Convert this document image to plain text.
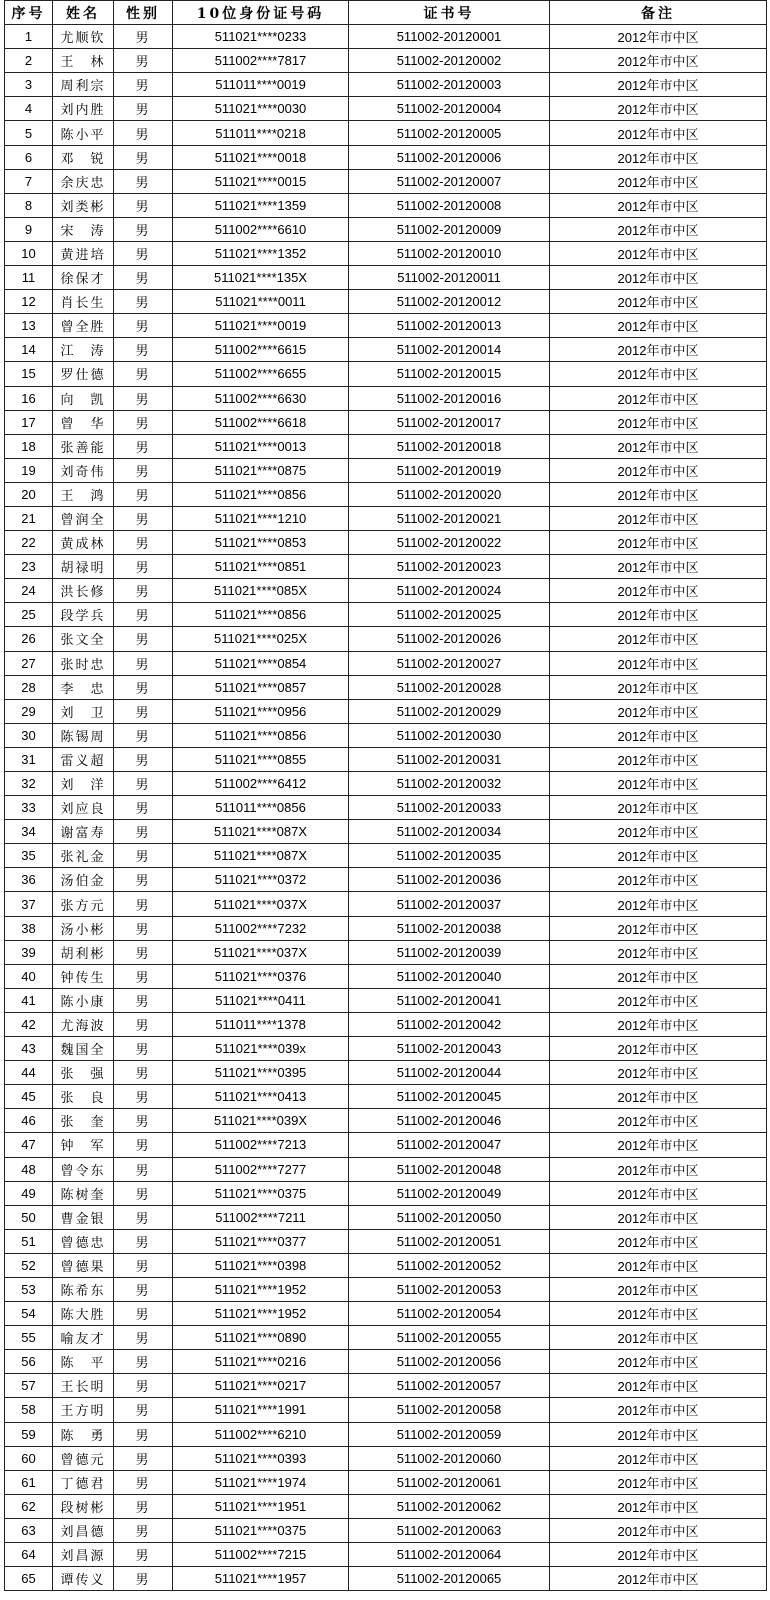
序号	姓名	性别	10位身份证号码	证书号	备注
1	尤顺钦	男	511021****0233	511002-20120001	2012年市中区
2	王　林	男	511002****7817	511002-20120002	2012年市中区
3	周利宗	男	511011****0019	511002-20120003	2012年市中区
4	刘内胜	男	511021****0030	511002-20120004	2012年市中区
5	陈小平	男	511011****0218	511002-20120005	2012年市中区
6	邓　锐	男	511021****0018	511002-20120006	2012年市中区
7	余庆忠	男	511021****0015	511002-20120007	2012年市中区
8	刘类彬	男	511021****1359	511002-20120008	2012年市中区
9	宋　涛	男	511002****6610	511002-20120009	2012年市中区
10	黄进培	男	511021****1352	511002-20120010	2012年市中区
11	徐保才	男	511021****135X	511002-20120011	2012年市中区
12	肖长生	男	511021****0011	511002-20120012	2012年市中区
13	曾全胜	男	511021****0019	511002-20120013	2012年市中区
14	江　涛	男	511002****6615	511002-20120014	2012年市中区
15	罗仕德	男	511002****6655	511002-20120015	2012年市中区
16	向　凯	男	511002****6630	511002-20120016	2012年市中区
17	曾　华	男	511002****6618	511002-20120017	2012年市中区
18	张善能	男	511021****0013	511002-20120018	2012年市中区
19	刘奇伟	男	511021****0875	511002-20120019	2012年市中区
20	王　鸿	男	511021****0856	511002-20120020	2012年市中区
21	曾润全	男	511021****1210	511002-20120021	2012年市中区
22	黄成林	男	511021****0853	511002-20120022	2012年市中区
23	胡禄明	男	511021****0851	511002-20120023	2012年市中区
24	洪长修	男	511021****085X	511002-20120024	2012年市中区
25	段学兵	男	511021****0856	511002-20120025	2012年市中区
26	张文全	男	511021****025X	511002-20120026	2012年市中区
27	张时忠	男	511021****0854	511002-20120027	2012年市中区
28	李　忠	男	511021****0857	511002-20120028	2012年市中区
29	刘　卫	男	511021****0956	511002-20120029	2012年市中区
30	陈锡周	男	511021****0856	511002-20120030	2012年市中区
31	雷义超	男	511021****0855	511002-20120031	2012年市中区
32	刘　洋	男	511002****6412	511002-20120032	2012年市中区
33	刘应良	男	511011****0856	511002-20120033	2012年市中区
34	谢富寿	男	511021****087X	511002-20120034	2012年市中区
35	张礼金	男	511021****087X	511002-20120035	2012年市中区
36	汤伯金	男	511021****0372	511002-20120036	2012年市中区
37	张方元	男	511021****037X	511002-20120037	2012年市中区
38	汤小彬	男	511002****7232	511002-20120038	2012年市中区
39	胡利彬	男	511021****037X	511002-20120039	2012年市中区
40	钟传生	男	511021****0376	511002-20120040	2012年市中区
41	陈小康	男	511021****0411	511002-20120041	2012年市中区
42	尤海波	男	511011****1378	511002-20120042	2012年市中区
43	魏国全	男	511021****039x	511002-20120043	2012年市中区
44	张　强	男	511021****0395	511002-20120044	2012年市中区
45	张　良	男	511021****0413	511002-20120045	2012年市中区
46	张　奎	男	511021****039X	511002-20120046	2012年市中区
47	钟　军	男	511002****7213	511002-20120047	2012年市中区
48	曾令东	男	511002****7277	511002-20120048	2012年市中区
49	陈树奎	男	511021****0375	511002-20120049	2012年市中区
50	曹金银	男	511002****7211	511002-20120050	2012年市中区
51	曾德忠	男	511021****0377	511002-20120051	2012年市中区
52	曾德果	男	511021****0398	511002-20120052	2012年市中区
53	陈希东	男	511021****1952	511002-20120053	2012年市中区
54	陈大胜	男	511021****1952	511002-20120054	2012年市中区
55	喻友才	男	511021****0890	511002-20120055	2012年市中区
56	陈　平	男	511021****0216	511002-20120056	2012年市中区
57	王长明	男	511021****0217	511002-20120057	2012年市中区
58	王方明	男	511021****1991	511002-20120058	2012年市中区
59	陈　勇	男	511002****6210	511002-20120059	2012年市中区
60	曾德元	男	511021****0393	511002-20120060	2012年市中区
61	丁德君	男	511021****1974	511002-20120061	2012年市中区
62	段树彬	男	511021****1951	511002-20120062	2012年市中区
63	刘昌德	男	511021****0375	511002-20120063	2012年市中区
64	刘昌源	男	511002****7215	511002-20120064	2012年市中区
65	谭传义	男	511021****1957	511002-20120065	2012年市中区
